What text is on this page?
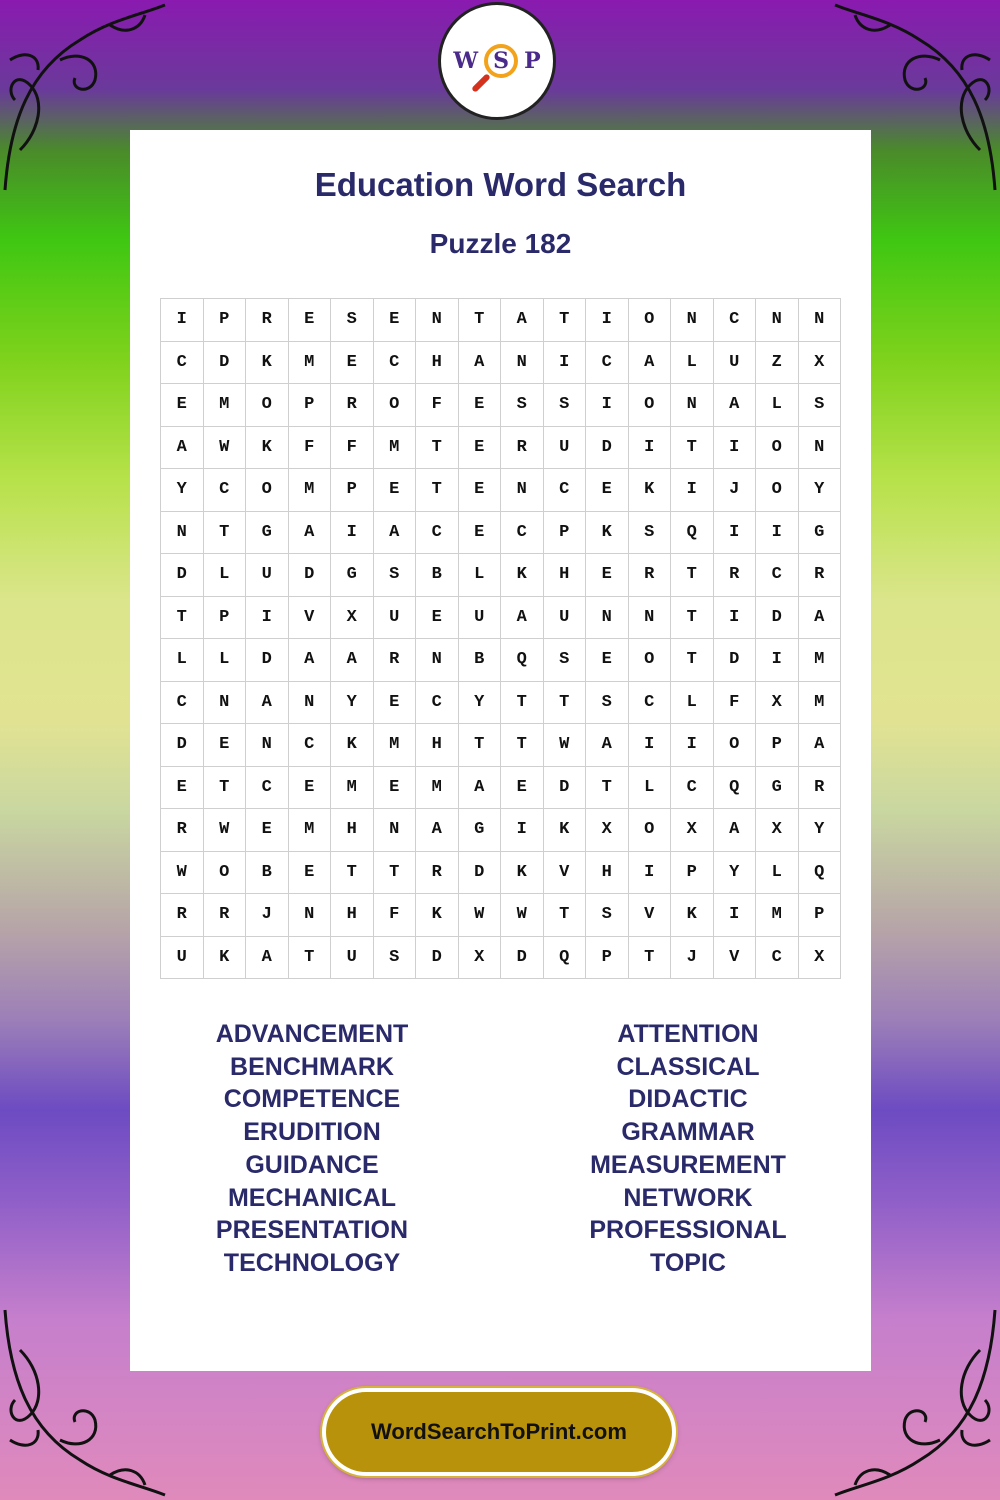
Education Word Search
Puzzle 182
I	P	R	E	S	E	N	T	A	T	I	O	N	C	N	N
C	D	K	M	E	C	H	A	N	I	C	A	L	U	Z	X
E	M	O	P	R	O	F	E	S	S	I	O	N	A	L	S
A	W	K	F	F	M	T	E	R	U	D	I	T	I	O	N
Y	C	O	M	P	E	T	E	N	C	E	K	I	J	O	Y
N	T	G	A	I	A	C	E	C	P	K	S	Q	I	I	G
D	L	U	D	G	S	B	L	K	H	E	R	T	R	C	R
T	P	I	V	X	U	E	U	A	U	N	N	T	I	D	A
L	L	D	A	A	R	N	B	Q	S	E	O	T	D	I	M
C	N	A	N	Y	E	C	Y	T	T	S	C	L	F	X	M
D	E	N	C	K	M	H	T	T	W	A	I	I	O	P	A
E	T	C	E	M	E	M	A	E	D	T	L	C	Q	G	R
R	W	E	M	H	N	A	G	I	K	X	O	X	A	X	Y
W	O	B	E	T	T	R	D	K	V	H	I	P	Y	L	Q
R	R	J	N	H	F	K	W	W	T	S	V	K	I	M	P
U	K	A	T	U	S	D	X	D	Q	P	T	J	V	C	X
ADVANCEMENT
BENCHMARK
COMPETENCE
ERUDITION
GUIDANCE
MECHANICAL
PRESENTATION
TECHNOLOGY
ATTENTION
CLASSICAL
DIDACTIC
GRAMMAR
MEASUREMENT
NETWORK
PROFESSIONAL
TOPIC
W S P
WordSearchToPrint.com
